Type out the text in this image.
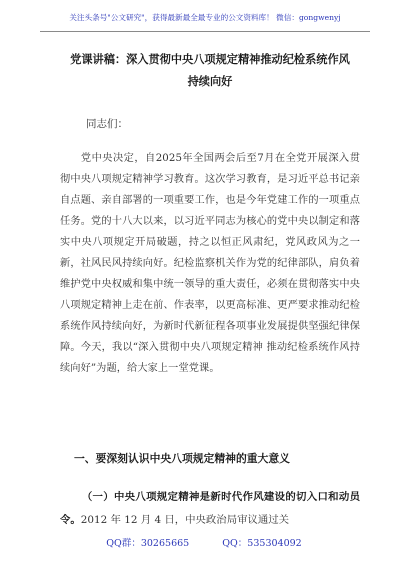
关注头条号"公文研究"，获得最新最全最专业的公文资料库！ 微信：gongwenyj
党课讲稿：深入贯彻中央八项规定精神推动纪检系统作风持续向好
同志们：
党中央决定，自2025年全国两会后至7月在全党开展深入贯彻中央八项规定精神学习教育。这次学习教育，是习近平总书记亲自点题、亲自部署的一项重要工作，也是今年党建工作的一项重点任务。党的十八大以来，以习近平同志为核心的党中央以制定和落实中央八项规定开局破题，持之以恒正风肃纪，党风政风为之一新，社风民风持续向好。纪检监察机关作为党的纪律部队，肩负着维护党中央权威和集中统一领导的重大责任，必须在贯彻落实中央八项规定精神上走在前、作表率，以更高标准、更严要求推动纪检系统作风持续向好，为新时代新征程各项事业发展提供坚强纪律保障。今天，我以“深入贯彻中央八项规定精神 推动纪检系统作风持续向好”为题，给大家上一堂党课。
一、要深刻认识中央八项规定精神的重大意义
（一）中央八项规定精神是新时代作风建设的切入口和动员令。2012 年 12 月 4 日，中央政治局审议通过关
QQ群：30265665	QQ：535304092
